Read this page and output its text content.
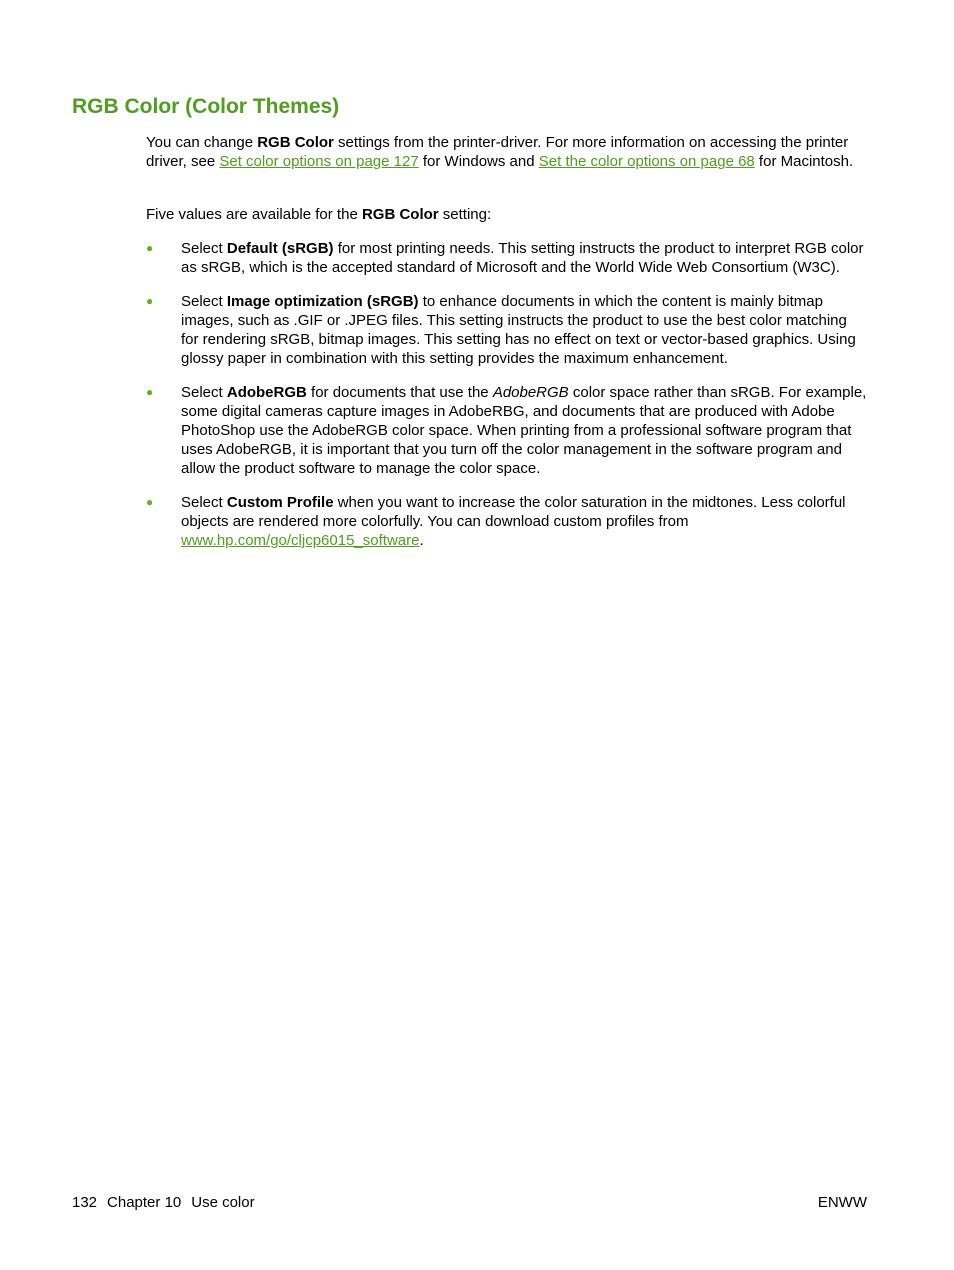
RGB Color (Color Themes)

You can change RGB Color settings from the printer-driver. For more information on accessing the printer driver, see Set color options on page 127 for Windows and Set the color options on page 68 for Macintosh.

Five values are available for the RGB Color setting:

● Select Default (sRGB) for most printing needs. This setting instructs the product to interpret RGB color as sRGB, which is the accepted standard of Microsoft and the World Wide Web Consortium (W3C).
● Select Image optimization (sRGB) to enhance documents in which the content is mainly bitmap images, such as .GIF or .JPEG files. This setting instructs the product to use the best color matching for rendering sRGB, bitmap images. This setting has no effect on text or vector-based graphics. Using glossy paper in combination with this setting provides the maximum enhancement.
● Select AdobeRGB for documents that use the AdobeRGB color space rather than sRGB. For example, some digital cameras capture images in AdobeRBG, and documents that are produced with Adobe PhotoShop use the AdobeRGB color space. When printing from a professional software program that uses AdobeRGB, it is important that you turn off the color management in the software program and allow the product software to manage the color space.
● Select Custom Profile when you want to increase the color saturation in the midtones. Less colorful objects are rendered more colorfully. You can download custom profiles from www.hp.com/go/cljcp6015_software.
132 Chapter 10 Use color	ENWW
